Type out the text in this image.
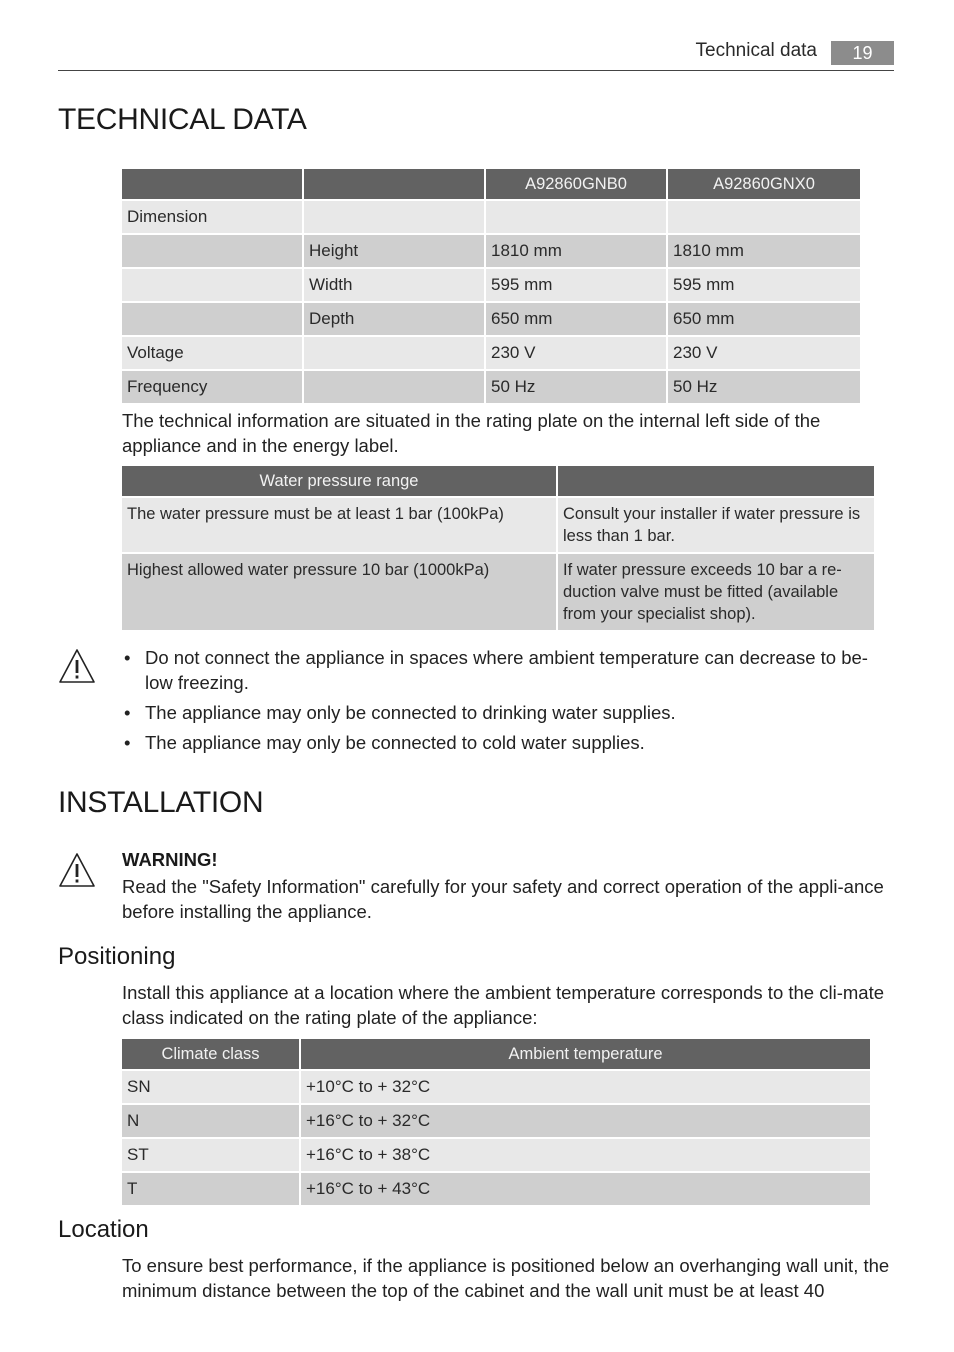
Technical data	19
TECHNICAL DATA
		A92860GNB0	A92860GNX0
Dimension			
	Height	1810 mm	1810 mm
	Width	595 mm	595 mm
	Depth	650 mm	650 mm
Voltage		230 V	230 V
Frequency		50 Hz	50 Hz

The technical information are situated in the rating plate on the internal left side of the appliance and in the energy label.

Water pressure range	
The water pressure must be at least 1 bar (100kPa)	Consult your installer if water pressure is less than 1 bar.
Highest allowed water pressure 10 bar (1000kPa)	If water pressure exceeds 10 bar a re-duction valve must be fitted (available from your specialist shop).
• Do not connect the appliance in spaces where ambient temperature can decrease to be-low freezing.
• The appliance may only be connected to drinking water supplies.
• The appliance may only be connected to cold water supplies.
INSTALLATION
WARNING!

Read the "Safety Information" carefully for your safety and correct operation of the appli-ance before installing the appliance.

Positioning

Install this appliance at a location where the ambient temperature corresponds to the cli-mate class indicated on the rating plate of the appliance:

Climate class	Ambient temperature
SN	+10°C to + 32°C
N	+16°C to + 32°C
ST	+16°C to + 38°C
T	+16°C to + 43°C
Location

To ensure best performance, if the appliance is positioned below an overhanging wall unit, the minimum distance between the top of the cabinet and the wall unit must be at least 40
